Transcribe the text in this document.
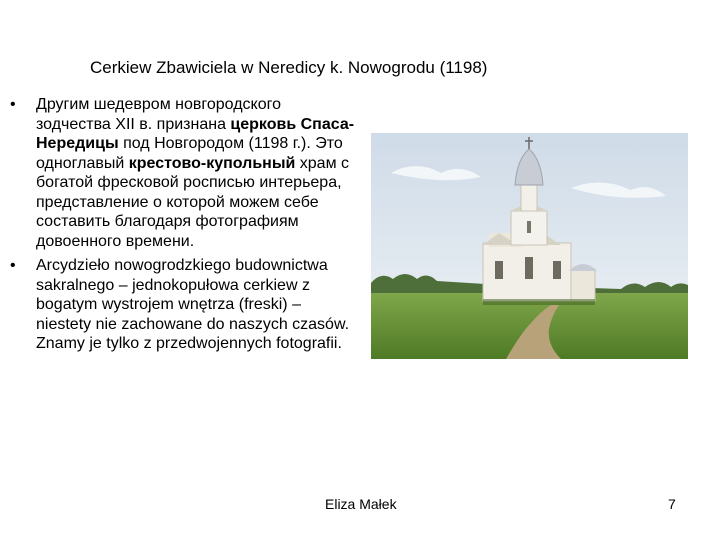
Cerkiew Zbawiciela w Neredicy k. Nowogrodu (1198)
• Другим шедевром новгородского зодчества XII в. признана церковь Спаса-Нередицы под Новгородом (1198 г.). Это одноглавый крестово-купольный храм с богатой фресковой росписью интерьера, представление о которой можем себе составить благодаря фотографиям довоенного времени.
• Arcydzieło nowogrodzkiego budownictwa sakralnego – jednokopułowa cerkiew z bogatym wystrojem wnętrza (freski) – niestety nie zachowane do naszych czasów. Znamy je tylko z przedwojennych fotografii.
Eliza Małek	7
